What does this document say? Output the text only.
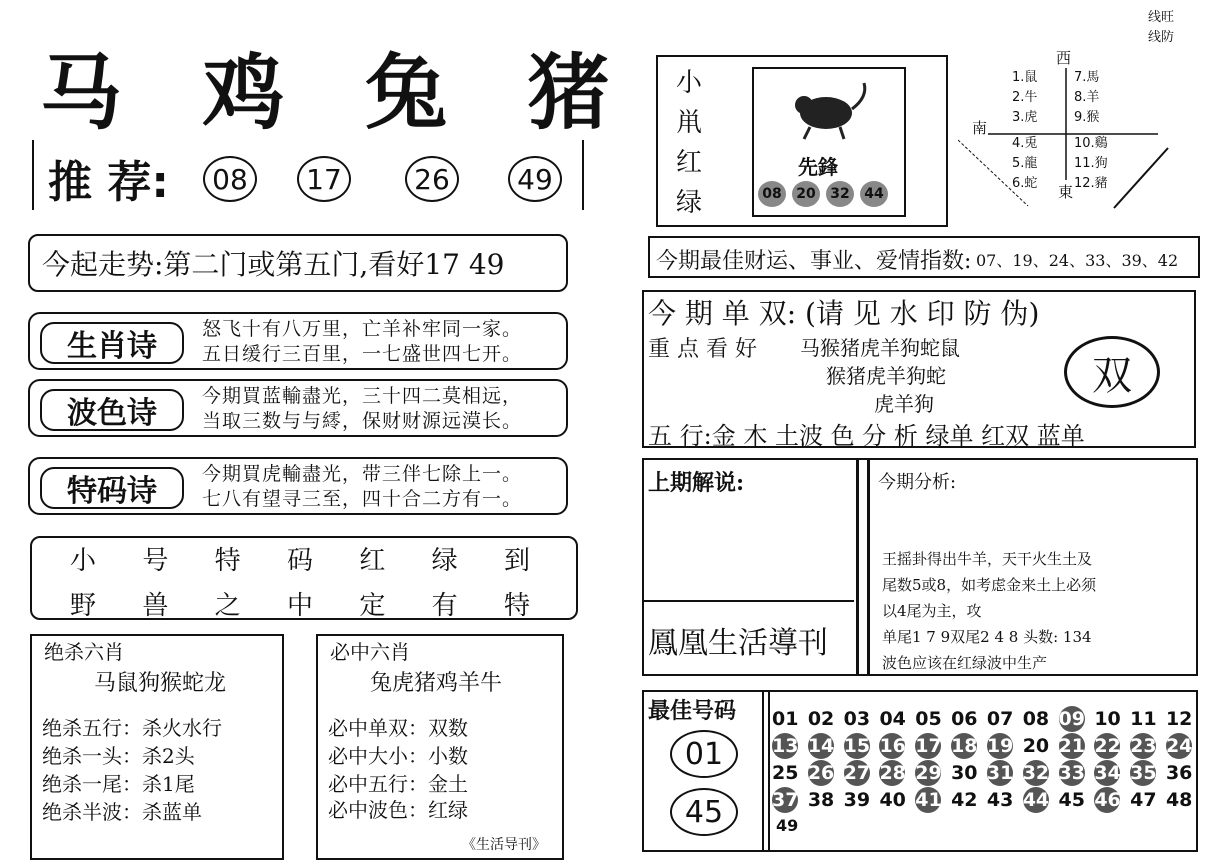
马 鸡 兔 猪
线旺
线防
推 荐:	08	17	26	49
今起走势:第二门或第五门,看好17 49
生肖诗	怒飞十有八万里，亡羊补牢同一家。
五日缓行三百里，一七盛世四七开。
波色诗	今期買蓝輸盡光，三十四二莫相远，
当取三数与与䌢，保财财源远漠长。
特码诗	今期買虎輸盡光，带三伴七除上一。
七八有望寻三至，四十合二方有一。
小 号 特 码 红 绿 到
野 兽 之 中 定 有 特
绝杀六肖
马鼠狗猴蛇龙
绝杀五行：杀火水行
绝杀一头：杀2头
绝杀一尾：杀1尾
绝杀半波：杀蓝单
必中六肖
兔虎猪鸡羊牛
必中单双：双数
必中大小：小数
必中五行：金土
必中波色：红绿
《生活导刊》
小
鼡
红
绿
先鋒
08	20	32	44
西
南
東
1.鼠
2.牛
3.虎
4.兎
5.龍
6.蛇
7.馬
8.羊
9.猴
10.鷄
11.狗
12.豬
今期最佳财运、事业、爱情指数: 07、19、24、33、39、42
今 期 单 双: (请 见 水 印 防 伪)
重 点 看 好 马猴猪虎羊狗蛇鼠
猴猪虎羊狗蛇
虎羊狗
双
五 行:金 木 土波 色 分 析 绿单 红双 蓝单
上期解说:
鳳凰生活導刊
今期分析:
王摇卦得出牛羊，天干火生土及
尾数5或8，如考虑金来土上必须
以4尾为主，攻
单尾1 7 9双尾2 4 8 头数: 134
波色应该在红绿波中生产
最佳号码
01
45
01 02 03 04 05 06 07 08 09 10 11 12
13 14 15 16 17 18 19 20 21 22 23 24
25 26 27 28 29 30 31 32 33 34 35 36
37 38 39 40 41 42 43 44 45 46 47 48
49
